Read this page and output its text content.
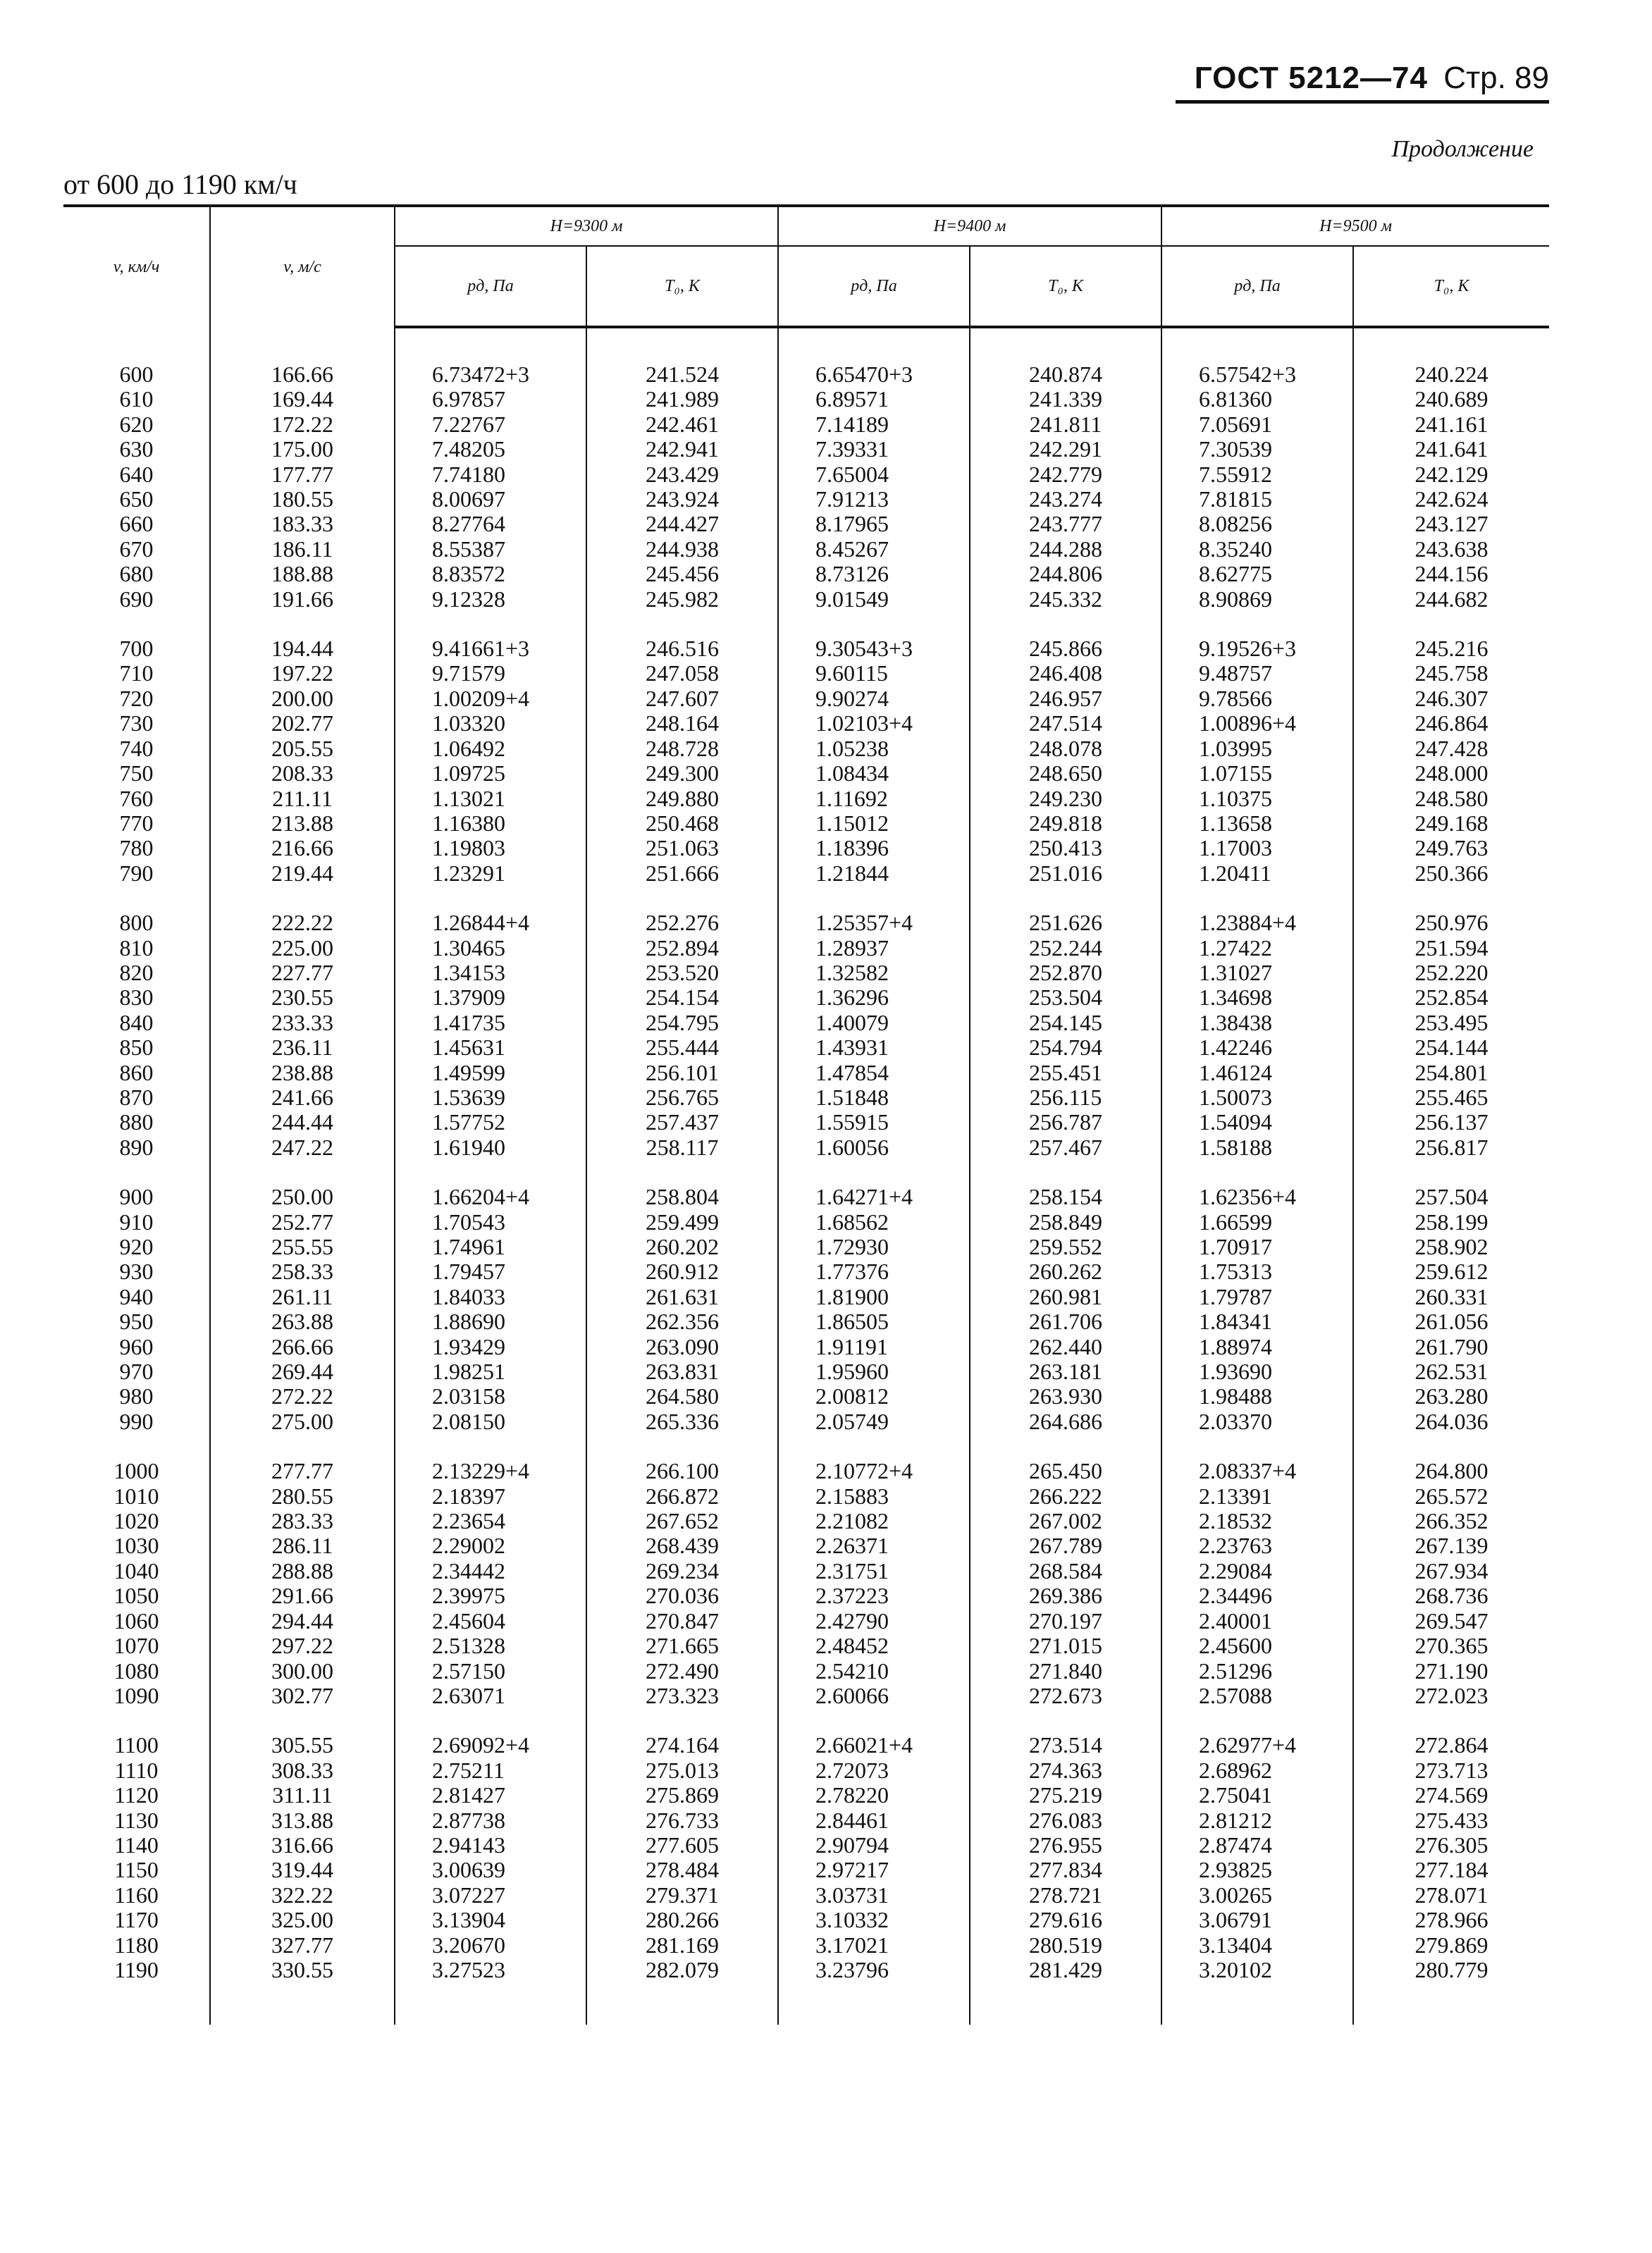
ГОСТ 5212—74 Стр. 89
Продолжение
от 600 до 1190 км/ч
v, км/ч	v, м/с	H=9300 м		H=9400 м		H=9500 м	
		pд, Па	T₀, К	pд, Па	T₀, К	pд, Па	T₀, К

600	166.66	6.73472+3	241.524	6.65470+3	240.874	6.57542+3	240.224
610	169.44	6.97857	241.989	6.89571	241.339	6.81360	240.689
620	172.22	7.22767	242.461	7.14189	241.811	7.05691	241.161
630	175.00	7.48205	242.941	7.39331	242.291	7.30539	241.641
640	177.77	7.74180	243.429	7.65004	242.779	7.55912	242.129
650	180.55	8.00697	243.924	7.91213	243.274	7.81815	242.624
660	183.33	8.27764	244.427	8.17965	243.777	8.08256	243.127
670	186.11	8.55387	244.938	8.45267	244.288	8.35240	243.638
680	188.88	8.83572	245.456	8.73126	244.806	8.62775	244.156
690	191.66	9.12328	245.982	9.01549	245.332	8.90869	244.682

700	194.44	9.41661+3	246.516	9.30543+3	245.866	9.19526+3	245.216
710	197.22	9.71579	247.058	9.60115	246.408	9.48757	245.758
720	200.00	1.00209+4	247.607	9.90274	246.957	9.78566	246.307
730	202.77	1.03320	248.164	1.02103+4	247.514	1.00896+4	246.864
740	205.55	1.06492	248.728	1.05238	248.078	1.03995	247.428
750	208.33	1.09725	249.300	1.08434	248.650	1.07155	248.000
760	211.11	1.13021	249.880	1.11692	249.230	1.10375	248.580
770	213.88	1.16380	250.468	1.15012	249.818	1.13658	249.168
780	216.66	1.19803	251.063	1.18396	250.413	1.17003	249.763
790	219.44	1.23291	251.666	1.21844	251.016	1.20411	250.366

800	222.22	1.26844+4	252.276	1.25357+4	251.626	1.23884+4	250.976
810	225.00	1.30465	252.894	1.28937	252.244	1.27422	251.594
820	227.77	1.34153	253.520	1.32582	252.870	1.31027	252.220
830	230.55	1.37909	254.154	1.36296	253.504	1.34698	252.854
840	233.33	1.41735	254.795	1.40079	254.145	1.38438	253.495
850	236.11	1.45631	255.444	1.43931	254.794	1.42246	254.144
860	238.88	1.49599	256.101	1.47854	255.451	1.46124	254.801
870	241.66	1.53639	256.765	1.51848	256.115	1.50073	255.465
880	244.44	1.57752	257.437	1.55915	256.787	1.54094	256.137
890	247.22	1.61940	258.117	1.60056	257.467	1.58188	256.817

900	250.00	1.66204+4	258.804	1.64271+4	258.154	1.62356+4	257.504
910	252.77	1.70543	259.499	1.68562	258.849	1.66599	258.199
920	255.55	1.74961	260.202	1.72930	259.552	1.70917	258.902
930	258.33	1.79457	260.912	1.77376	260.262	1.75313	259.612
940	261.11	1.84033	261.631	1.81900	260.981	1.79787	260.331
950	263.88	1.88690	262.356	1.86505	261.706	1.84341	261.056
960	266.66	1.93429	263.090	1.91191	262.440	1.88974	261.790
970	269.44	1.98251	263.831	1.95960	263.181	1.93690	262.531
980	272.22	2.03158	264.580	2.00812	263.930	1.98488	263.280
990	275.00	2.08150	265.336	2.05749	264.686	2.03370	264.036

1000	277.77	2.13229+4	266.100	2.10772+4	265.450	2.08337+4	264.800
1010	280.55	2.18397	266.872	2.15883	266.222	2.13391	265.572
1020	283.33	2.23654	267.652	2.21082	267.002	2.18532	266.352
1030	286.11	2.29002	268.439	2.26371	267.789	2.23763	267.139
1040	288.88	2.34442	269.234	2.31751	268.584	2.29084	267.934
1050	291.66	2.39975	270.036	2.37223	269.386	2.34496	268.736
1060	294.44	2.45604	270.847	2.42790	270.197	2.40001	269.547
1070	297.22	2.51328	271.665	2.48452	271.015	2.45600	270.365
1080	300.00	2.57150	272.490	2.54210	271.840	2.51296	271.190
1090	302.77	2.63071	273.323	2.60066	272.673	2.57088	272.023

1100	305.55	2.69092+4	274.164	2.66021+4	273.514	2.62977+4	272.864
1110	308.33	2.75211	275.013	2.72073	274.363	2.68962	273.713
1120	311.11	2.81427	275.869	2.78220	275.219	2.75041	274.569
1130	313.88	2.87738	276.733	2.84461	276.083	2.81212	275.433
1140	316.66	2.94143	277.605	2.90794	276.955	2.87474	276.305
1150	319.44	3.00639	278.484	2.97217	277.834	2.93825	277.184
1160	322.22	3.07227	279.371	3.03731	278.721	3.00265	278.071
1170	325.00	3.13904	280.266	3.10332	279.616	3.06791	278.966
1180	327.77	3.20670	281.169	3.17021	280.519	3.13404	279.869
1190	330.55	3.27523	282.079	3.23796	281.429	3.20102	280.779
